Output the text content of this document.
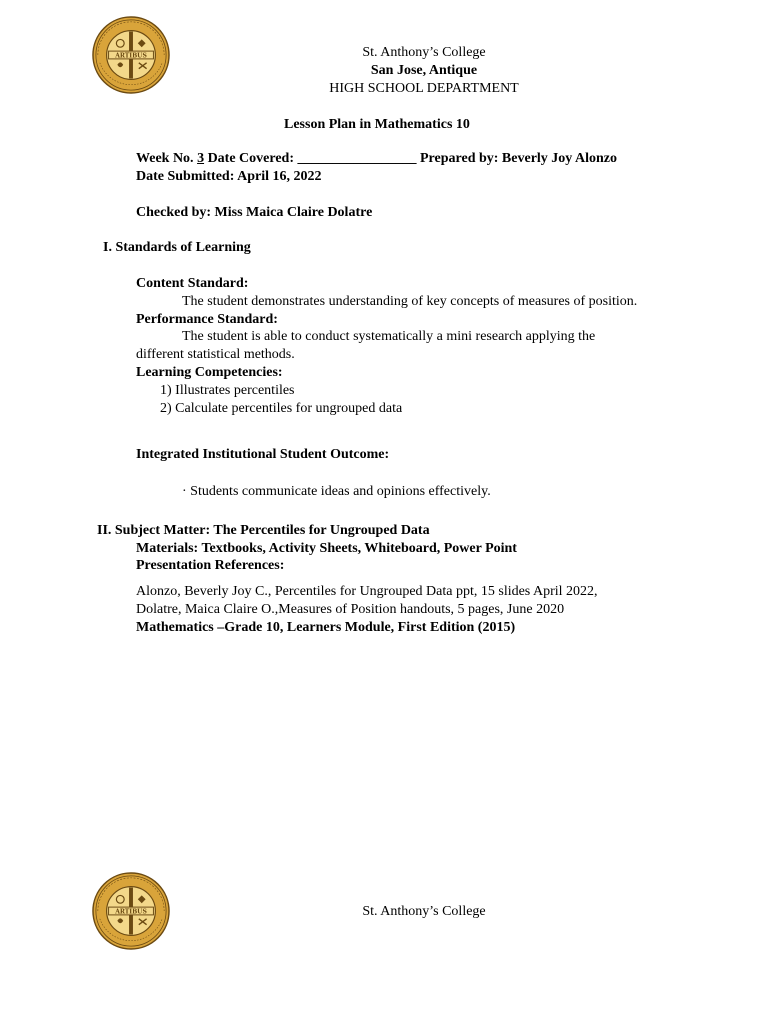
ARTIBUS	St. Anthony’s College
San Jose, Antique
HIGH SCHOOL DEPARTMENT
Lesson Plan in Mathematics 10
Week No. 3 Date Covered: _________________ Prepared by: Beverly Joy Alonzo
Date Submitted: April 16, 2022
Checked by: Miss Maica Claire Dolatre
I. Standards of Learning
Content Standard:
The student demonstrates understanding of key concepts of measures of position.
Performance Standard:
The student is able to conduct systematically a mini research applying the
different statistical methods.
Learning Competencies:
1) Illustrates percentiles
2) Calculate percentiles for ungrouped data
Integrated Institutional Student Outcome:
· Students communicate ideas and opinions effectively.
II. Subject Matter: The Percentiles for Ungrouped Data
Materials: Textbooks, Activity Sheets, Whiteboard, Power Point
Presentation References:
Alonzo, Beverly Joy C., Percentiles for Ungrouped Data ppt, 15 slides April 2022,
Dolatre, Maica Claire O.,Measures of Position handouts, 5 pages, June 2020
Mathematics –Grade 10, Learners Module, First Edition (2015)
ARTIBUS	St. Anthony’s College
